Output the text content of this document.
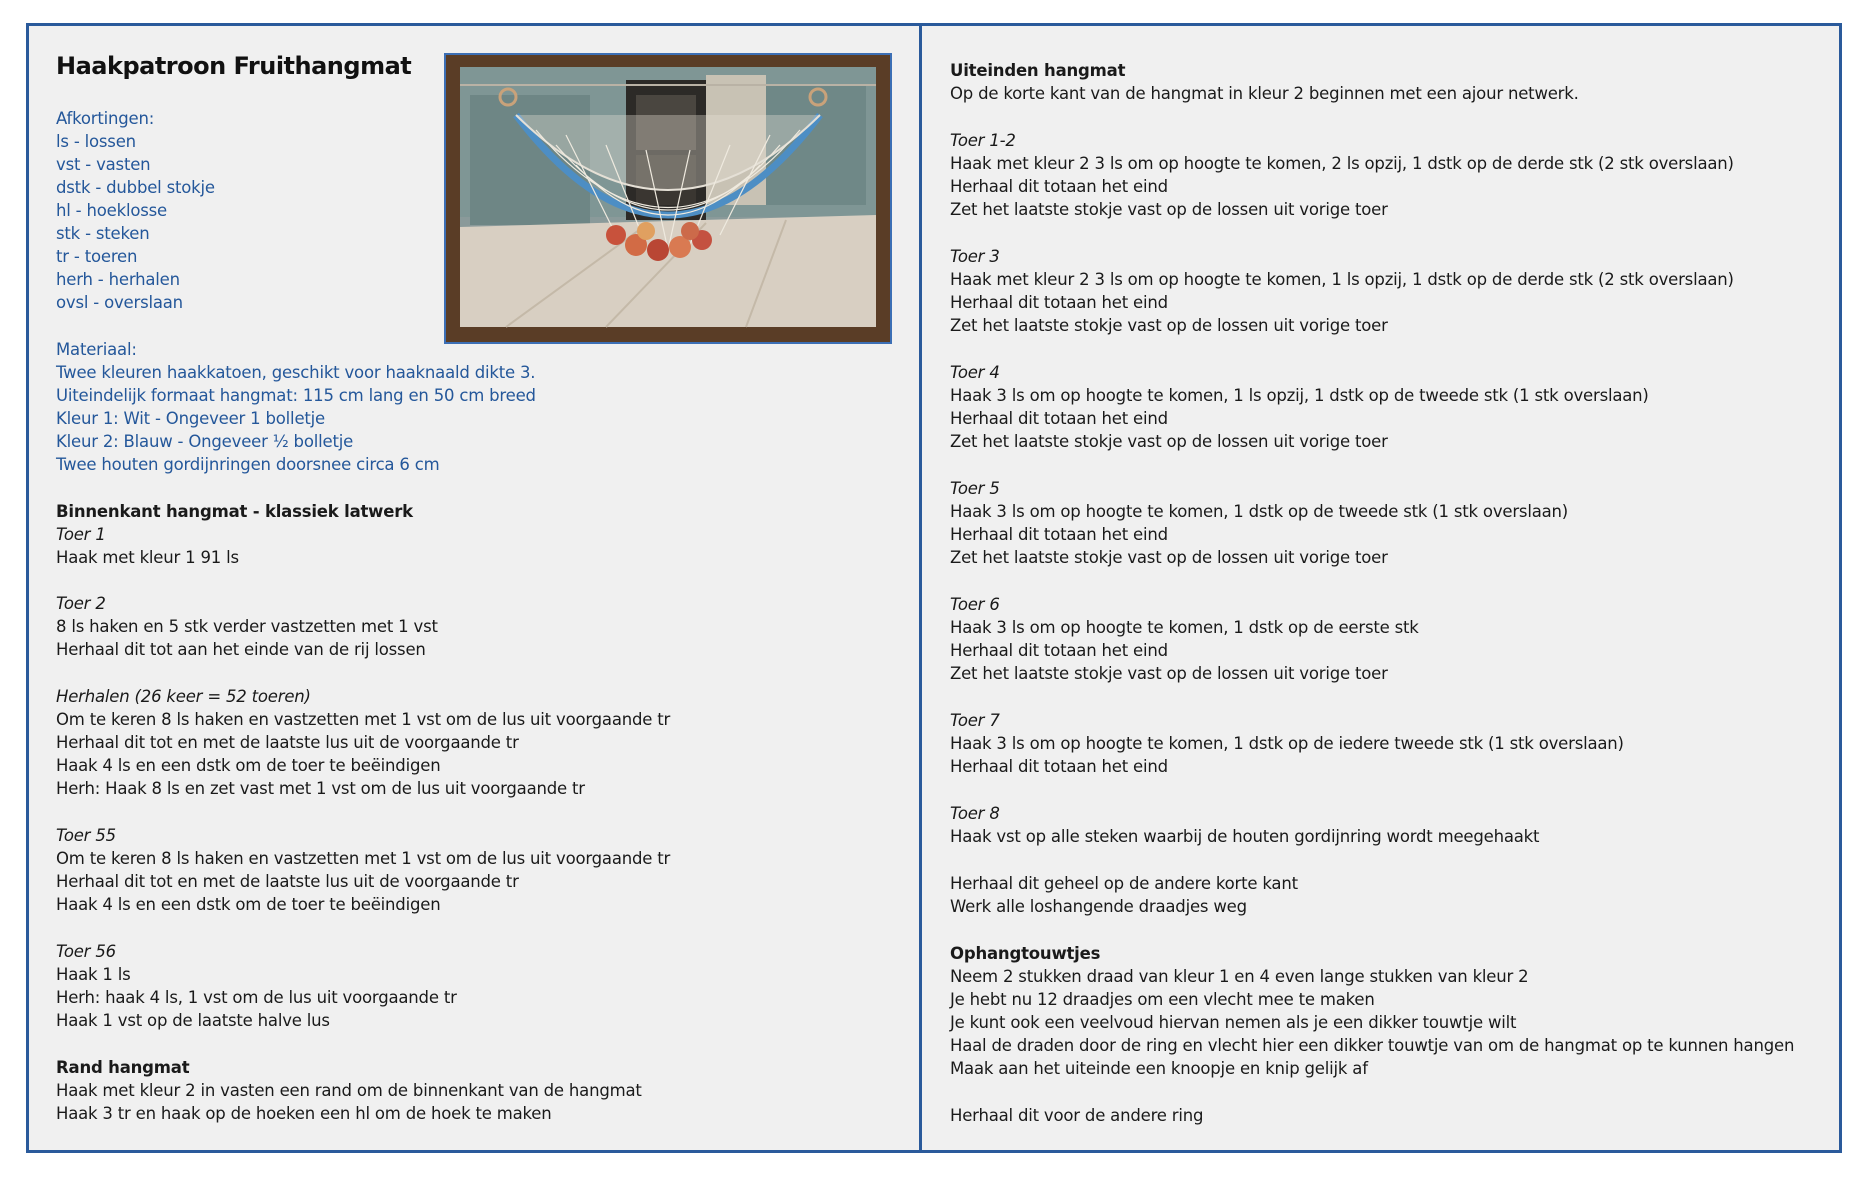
Haakpatroon Fruithangmat
Afkortingen:
ls - lossen
vst - vasten
dstk - dubbel stokje
hl - hoeklosse
stk - steken
tr - toeren
herh - herhalen
ovsl - overslaan
Materiaal:
Twee kleuren haakkatoen, geschikt voor haaknaald dikte 3.
Uiteindelijk formaat hangmat: 115 cm lang en 50 cm breed
Kleur 1: Wit - Ongeveer 1 bolletje
Kleur 2: Blauw - Ongeveer ½ bolletje
Twee houten gordijnringen doorsnee circa 6 cm
Binnenkant hangmat - klassiek latwerk
Toer 1
Haak met kleur 1 91 ls
Toer 2
8 ls haken en 5 stk verder vastzetten met 1 vst
Herhaal dit tot aan het einde van de rij lossen
Herhalen (26 keer = 52 toeren)
Om te keren 8 ls haken en vastzetten met 1 vst om de lus uit voorgaande tr
Herhaal dit tot en met de laatste lus uit de voorgaande tr
Haak 4 ls en een dstk om de toer te beëindigen
Herh: Haak 8 ls en zet vast met 1 vst om de lus uit voorgaande tr
Toer 55
Om te keren 8 ls haken en vastzetten met 1 vst om de lus uit voorgaande tr
Herhaal dit tot en met de laatste lus uit de voorgaande tr
Haak 4 ls en een dstk om de toer te beëindigen
Toer 56
Haak 1 ls
Herh: haak 4 ls, 1 vst om de lus uit voorgaande tr
Haak 1 vst op de laatste halve lus
Rand hangmat
Haak met kleur 2 in vasten een rand om de binnenkant van de hangmat
Haak 3 tr en haak op de hoeken een hl om de hoek te maken
Uiteinden hangmat
Op de korte kant van de hangmat in kleur 2 beginnen met een ajour netwerk.
Toer 1-2
Haak met kleur 2 3 ls om op hoogte te komen, 2 ls opzij, 1 dstk op de derde stk (2 stk overslaan)
Herhaal dit totaan het eind
Zet het laatste stokje vast op de lossen uit vorige toer
Toer 3
Haak met kleur 2 3 ls om op hoogte te komen, 1 ls opzij, 1 dstk op de derde stk (2 stk overslaan)
Herhaal dit totaan het eind
Zet het laatste stokje vast op de lossen uit vorige toer
Toer 4
Haak 3 ls om op hoogte te komen, 1 ls opzij, 1 dstk op de tweede stk (1 stk overslaan)
Herhaal dit totaan het eind
Zet het laatste stokje vast op de lossen uit vorige toer
Toer 5
Haak 3 ls om op hoogte te komen, 1 dstk op de tweede stk (1 stk overslaan)
Herhaal dit totaan het eind
Zet het laatste stokje vast op de lossen uit vorige toer
Toer 6
Haak 3 ls om op hoogte te komen, 1 dstk op de eerste stk
Herhaal dit totaan het eind
Zet het laatste stokje vast op de lossen uit vorige toer
Toer 7
Haak 3 ls om op hoogte te komen, 1 dstk op de iedere tweede stk (1 stk overslaan)
Herhaal dit totaan het eind
Toer 8
Haak vst op alle steken waarbij de houten gordijnring wordt meegehaakt
Herhaal dit geheel op de andere korte kant
Werk alle loshangende draadjes weg
Ophangtouwtjes
Neem 2 stukken draad van kleur 1 en 4 even lange stukken van kleur 2
Je hebt nu 12 draadjes om een vlecht mee te maken
Je kunt ook een veelvoud hiervan nemen als je een dikker touwtje wilt
Haal de draden door de ring en vlecht hier een dikker touwtje van om de hangmat op te kunnen hangen
Maak aan het uiteinde een knoopje en knip gelijk af
Herhaal dit voor de andere ring
